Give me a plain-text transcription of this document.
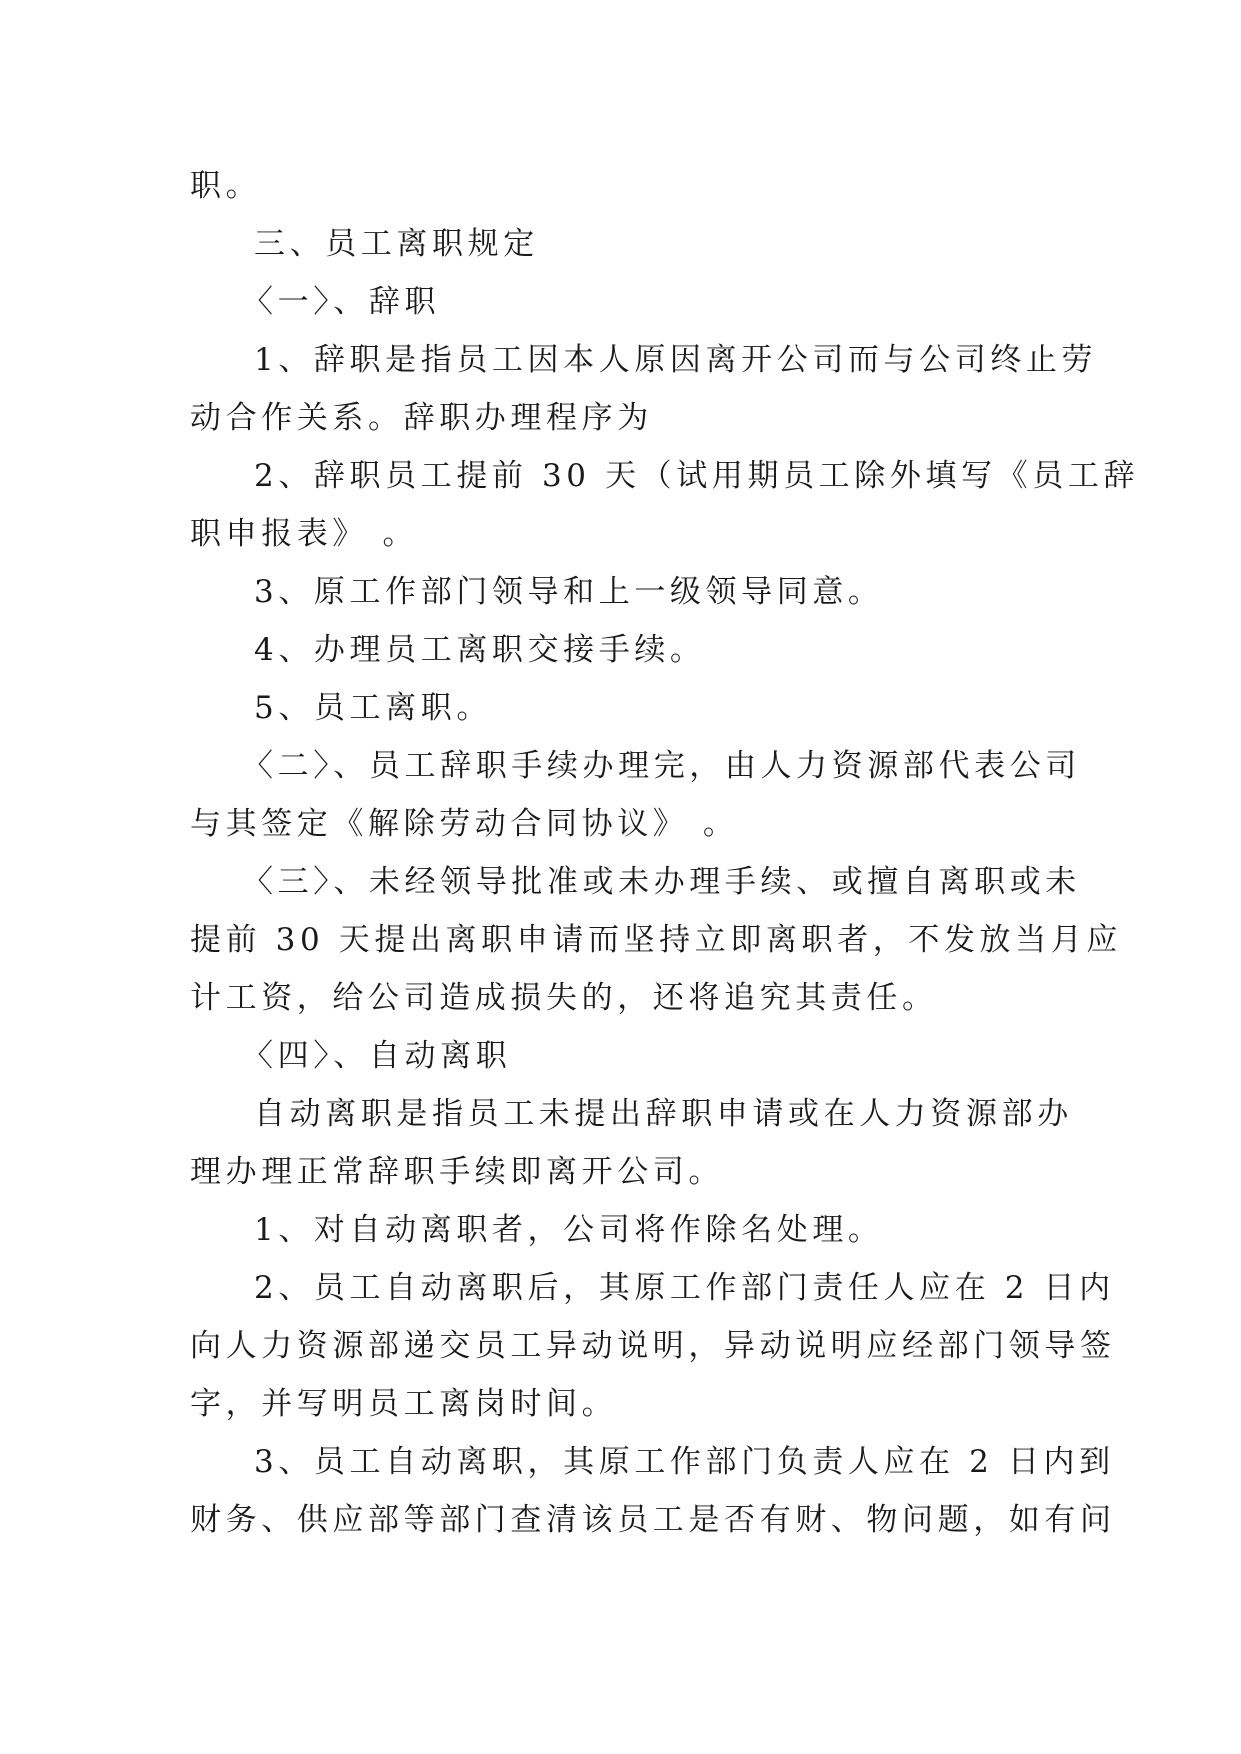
职。
三、员工离职规定
〈一〉、辞职
1、辞职是指员工因本人原因离开公司而与公司终止劳
动合作关系。辞职办理程序为
2、辞职员工提前 30 天（试用期员工除外填写《员工辞
职申报表》 。
3、原工作部门领导和上一级领导同意。
4、办理员工离职交接手续。
5、员工离职。
〈二〉、员工辞职手续办理完，由人力资源部代表公司
与其签定《解除劳动合同协议》 。
〈三〉、未经领导批准或未办理手续、或擅自离职或未
提前 30 天提出离职申请而坚持立即离职者，不发放当月应
计工资，给公司造成损失的，还将追究其责任。
〈四〉、自动离职
自动离职是指员工未提出辞职申请或在人力资源部办
理办理正常辞职手续即离开公司。
1、对自动离职者，公司将作除名处理。
2、员工自动离职后，其原工作部门责任人应在 2 日内
向人力资源部递交员工异动说明，异动说明应经部门领导签
字，并写明员工离岗时间。
3、员工自动离职，其原工作部门负责人应在 2 日内到
财务、供应部等部门查清该员工是否有财、物问题，如有问
